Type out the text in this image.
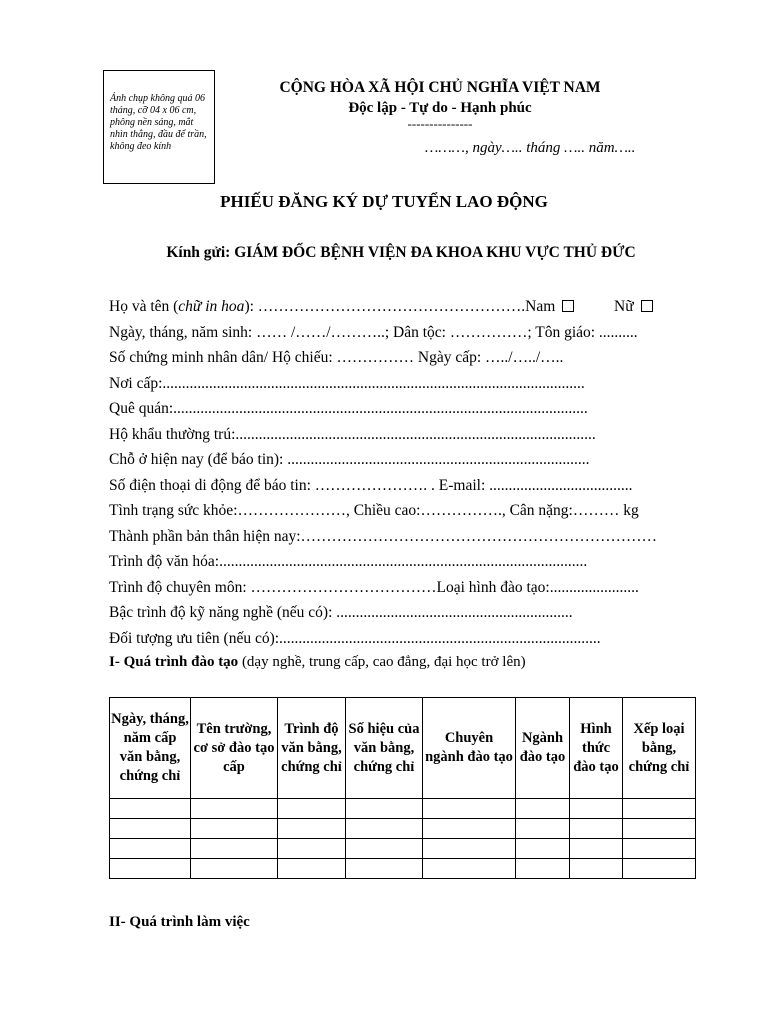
Ảnh chụp không quá 06 tháng, cỡ 04 x 06 cm, phông nền sáng, mắt nhìn thẳng, đầu để trần, không đeo kính
CỘNG HÒA XÃ HỘI CHỦ NGHĨA VIỆT NAM
Độc lập - Tự do - Hạnh phúc
---------------
………, ngày….. tháng ….. năm…..
PHIẾU ĐĂNG KÝ DỰ TUYỂN LAO ĐỘNG
Kính gửi: GIÁM ĐỐC BỆNH VIỆN ĐA KHOA KHU VỰC THỦ ĐỨC
Họ và tên (chữ in hoa): …………………………………………….Nam	Nữ
Ngày, tháng, năm sinh: …… /……/………..; Dân tộc: ……………; Tôn giáo: ..........
Số chứng minh nhân dân/ Hộ chiếu: …………… Ngày cấp: …../…../…..
Nơi cấp:.............................................................................................................
Quê quán:...........................................................................................................
Hộ khẩu thường trú:.............................................................................................
Chỗ ở hiện nay (để báo tin): ..............................................................................
Số điện thoại di động để báo tin: …………………. . E-mail: .....................................
Tình trạng sức khỏe:…………………, Chiều cao:……………., Cân nặng:……… kg
Thành phần bản thân hiện nay:……………………………………………………………
Trình độ văn hóa:...............................................................................................
Trình độ chuyên môn: ………………………………Loại hình đào tạo:.......................
Bậc trình độ kỹ năng nghề (nếu có): .............................................................
Đối tượng ưu tiên (nếu có):...................................................................................
I- Quá trình đào tạo (dạy nghề, trung cấp, cao đẳng, đại học trở lên)
Ngày, tháng, năm cấp văn bằng, chứng chỉ	Tên trường, cơ sở đào tạo cấp	Trình độ văn bằng, chứng chỉ	Số hiệu của văn bằng, chứng chỉ	Chuyên ngành đào tạo	Ngành đào tạo	Hình thức đào tạo	Xếp loại bằng, chứng chỉ

II- Quá trình làm việc
